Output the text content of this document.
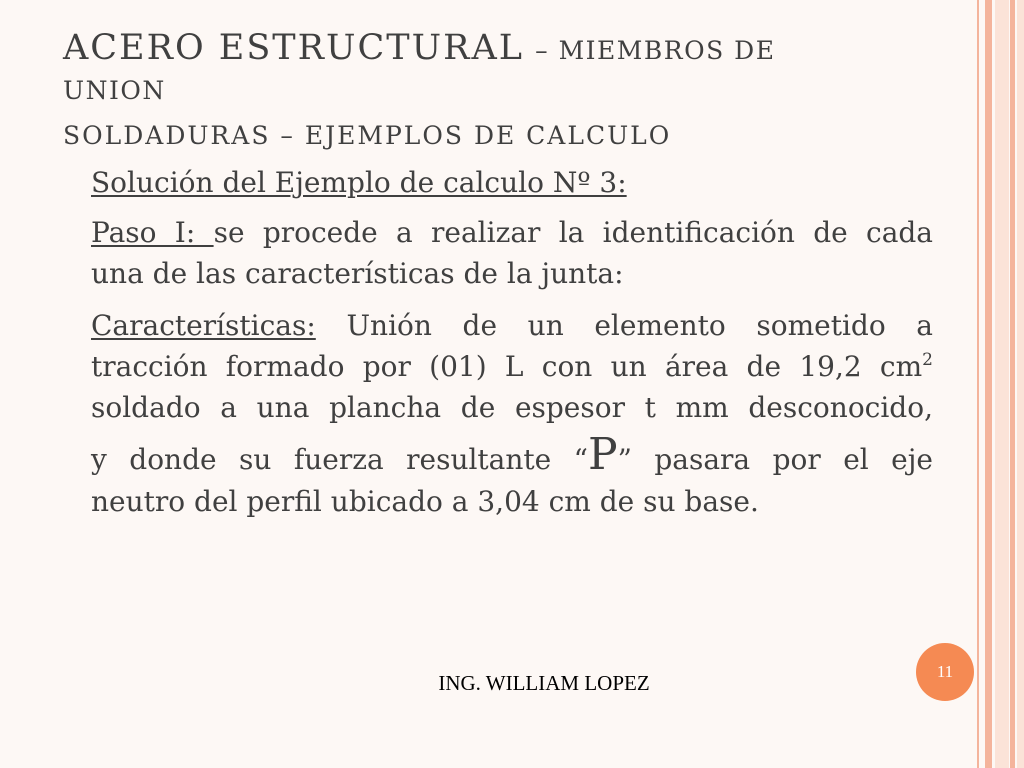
ACERO ESTRUCTURAL – MIEMBROS DE
UNION
SOLDADURAS – EJEMPLOS DE CALCULO
Solución del Ejemplo de calculo Nº 3:
Paso I: se procede a realizar la identificación de cada
una de las características de la junta:
Características: Unión de un elemento sometido a
tracción formado por (01) L con un área de 19,2 $cm^2$
soldado a una plancha de espesor t mm desconocido,
y donde su fuerza resultante “P” pasara por el eje
neutro del perfil ubicado a 3,04 cm de su base.
ING. WILLIAM LOPEZ	11
